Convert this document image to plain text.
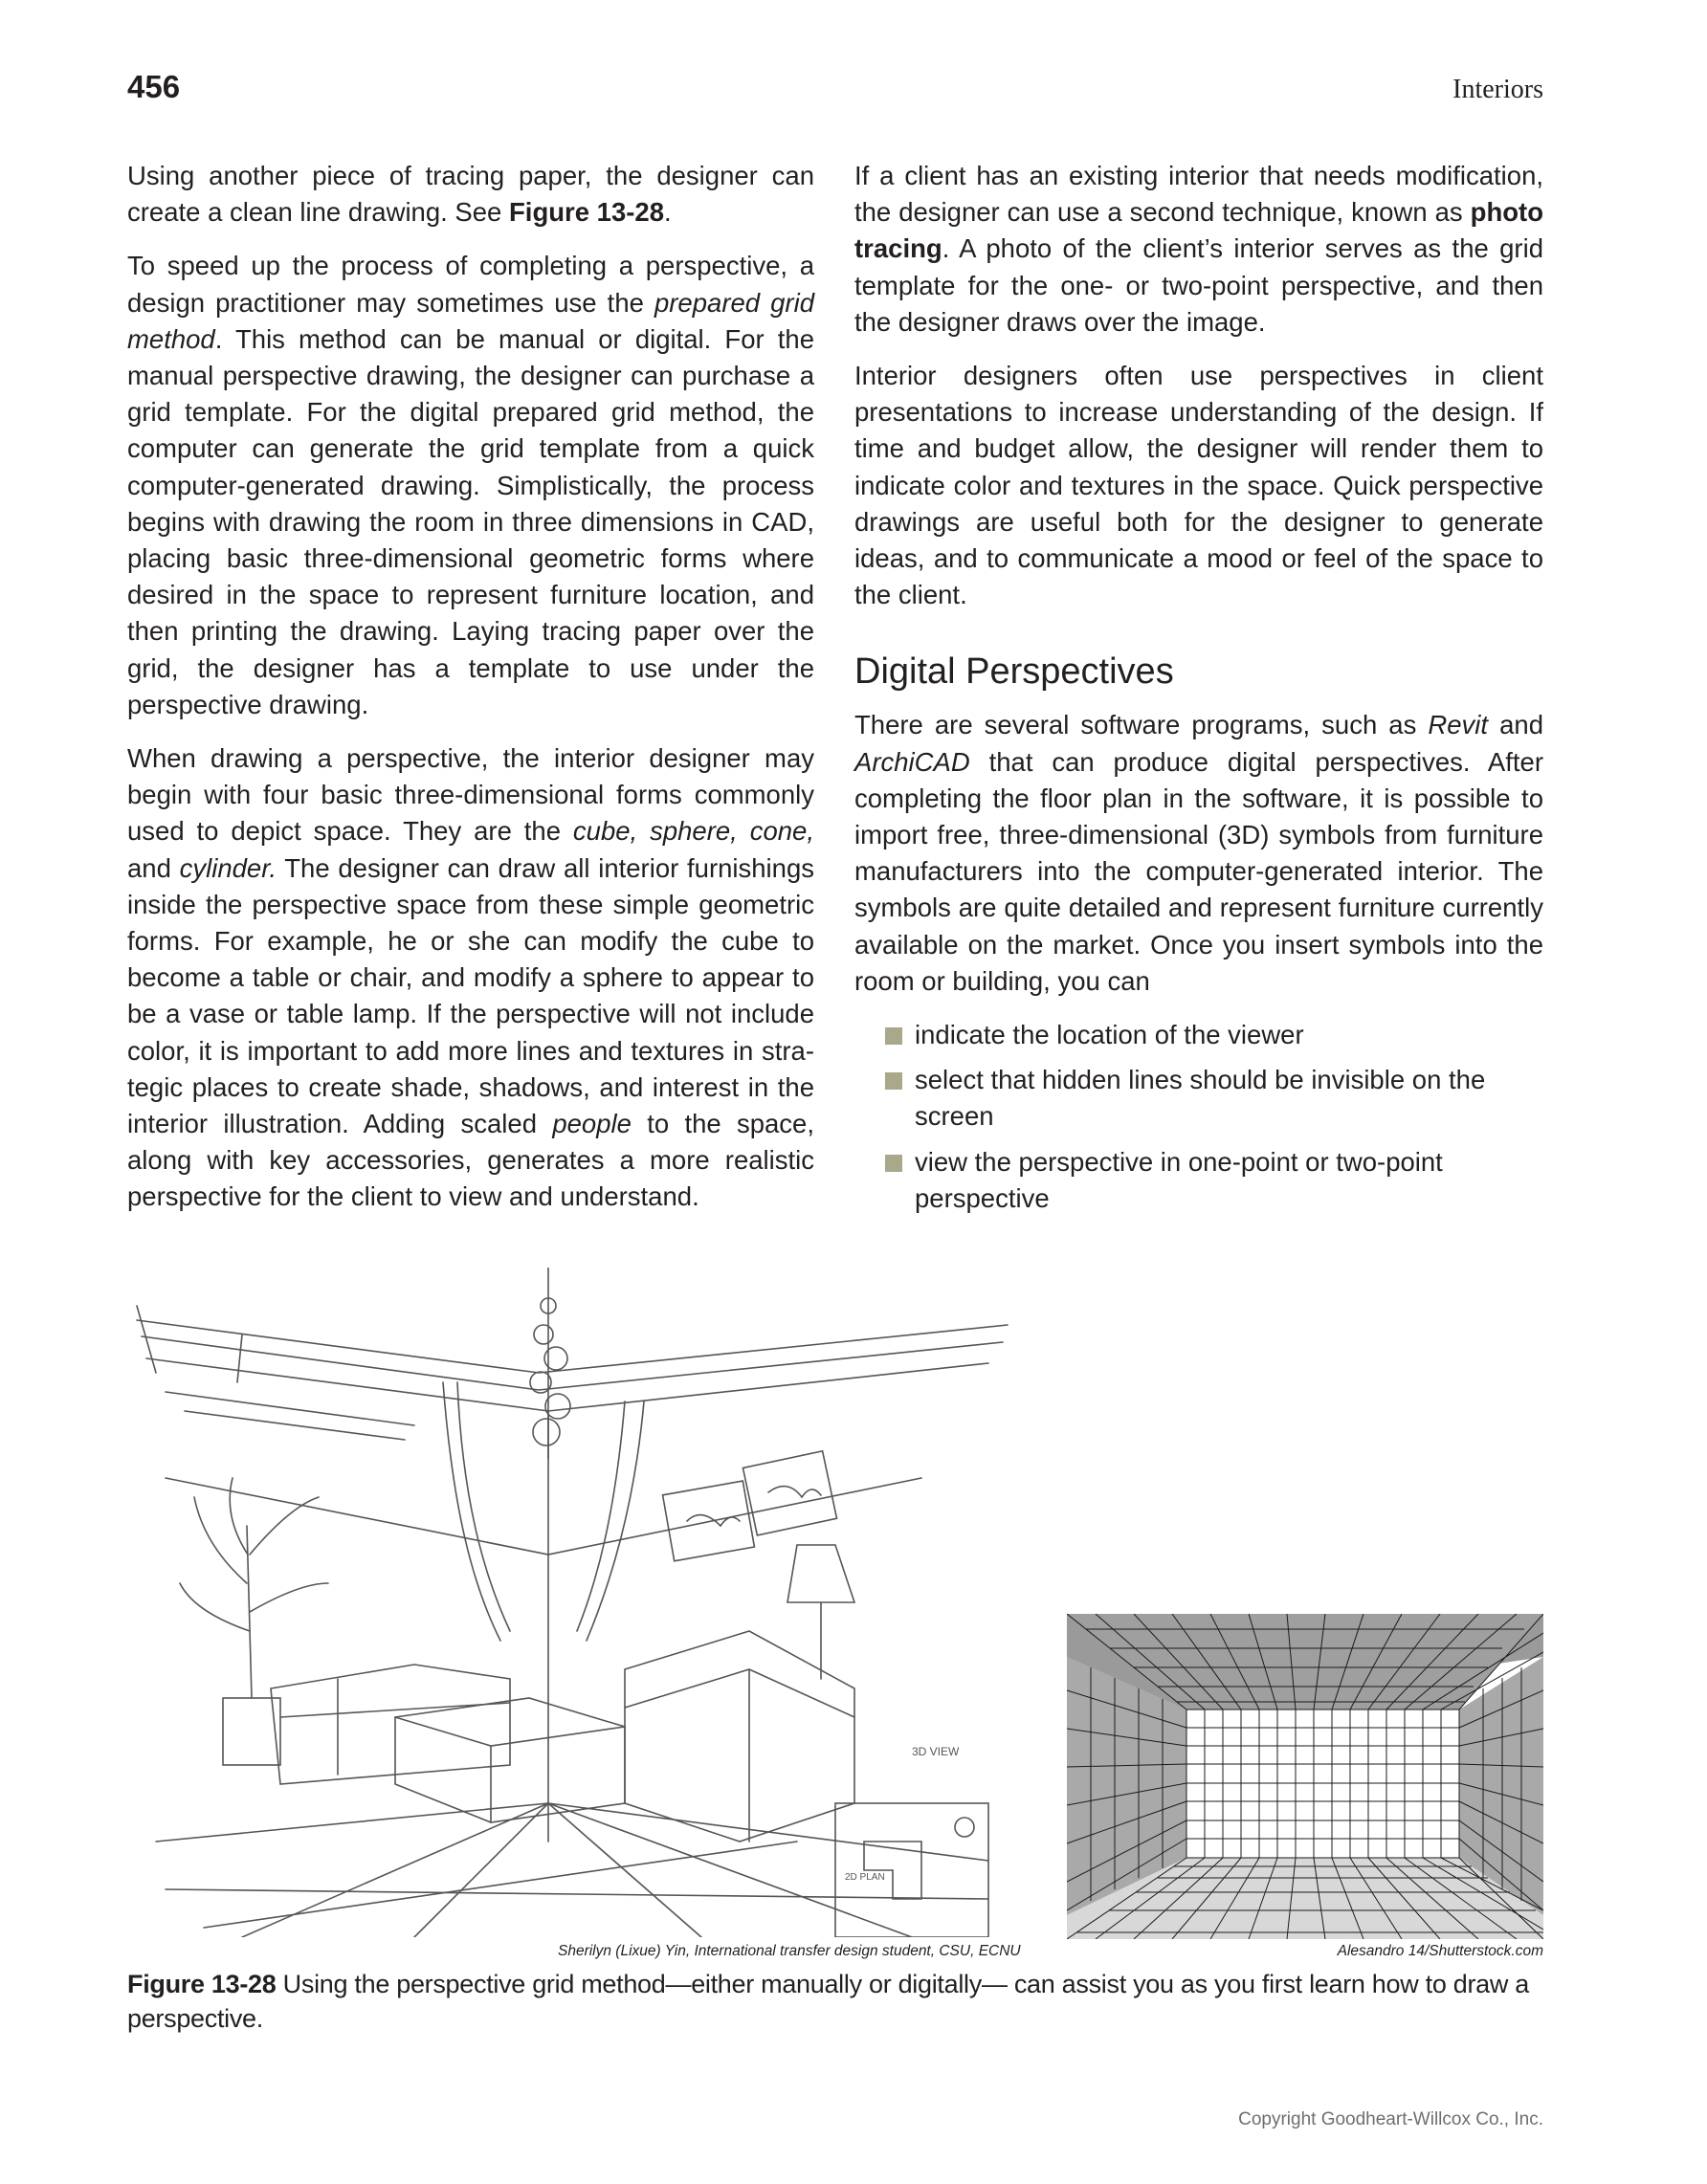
456	Interiors

Using another piece of tracing paper, the designer can create a clean line drawing. See Figure 13-28.

To speed up the process of completing a perspective, a design practitioner may sometimes use the prepared grid method. This method can be manual or digital. For the manual perspective drawing, the designer can purchase a grid template. For the digital prepared grid method, the computer can generate the grid template from a quick computer-generated drawing. Simplistically, the process begins with drawing the room in three dimensions in CAD, placing basic three-dimensional geometric forms where desired in the space to represent furniture location, and then printing the drawing. Laying tracing paper over the grid, the designer has a template to use under the perspective drawing.

When drawing a perspective, the interior designer may begin with four basic three-dimensional forms commonly used to depict space. They are the cube, sphere, cone, and cylinder. The designer can draw all interior furnishings inside the perspective space from these simple geometric forms. For example, he or she can modify the cube to become a table or chair, and modify a sphere to appear to be a vase or table lamp. If the perspective will not include color, it is important to add more lines and textures in strategic places to create shade, shadows, and interest in the interior illustration. Adding scaled people to the space, along with key accessories, generates a more realistic perspective for the client to view and understand.

If a client has an existing interior that needs modification, the designer can use a second technique, known as photo tracing. A photo of the client’s interior serves as the grid template for the one- or two-point perspective, and then the designer draws over the image.

Interior designers often use perspectives in client presentations to increase understanding of the design. If time and budget allow, the designer will render them to indicate color and textures in the space. Quick perspective drawings are useful both for the designer to generate ideas, and to communicate a mood or feel of the space to the client.

Digital Perspectives

There are several software programs, such as Revit and ArchiCAD that can produce digital perspectives. After completing the floor plan in the software, it is possible to import free, three-dimensional (3D) symbols from furniture manufacturers into the computer-generated interior. The symbols are quite detailed and represent furniture currently available on the market. Once you insert symbols into the room or building, you can

indicate the location of the viewer
select that hidden lines should be invisible on the screen
view the perspective in one-point or two-point perspective
3D VIEW
2D PLAN
Sherilyn (Lixue) Yin, International transfer design student, CSU, ECNU	Alesandro 14/Shutterstock.com
Figure 13-28 Using the perspective grid method—either manually or digitally— can assist you as you first learn how to draw a perspective.
Copyright Goodheart-Willcox Co., Inc.
